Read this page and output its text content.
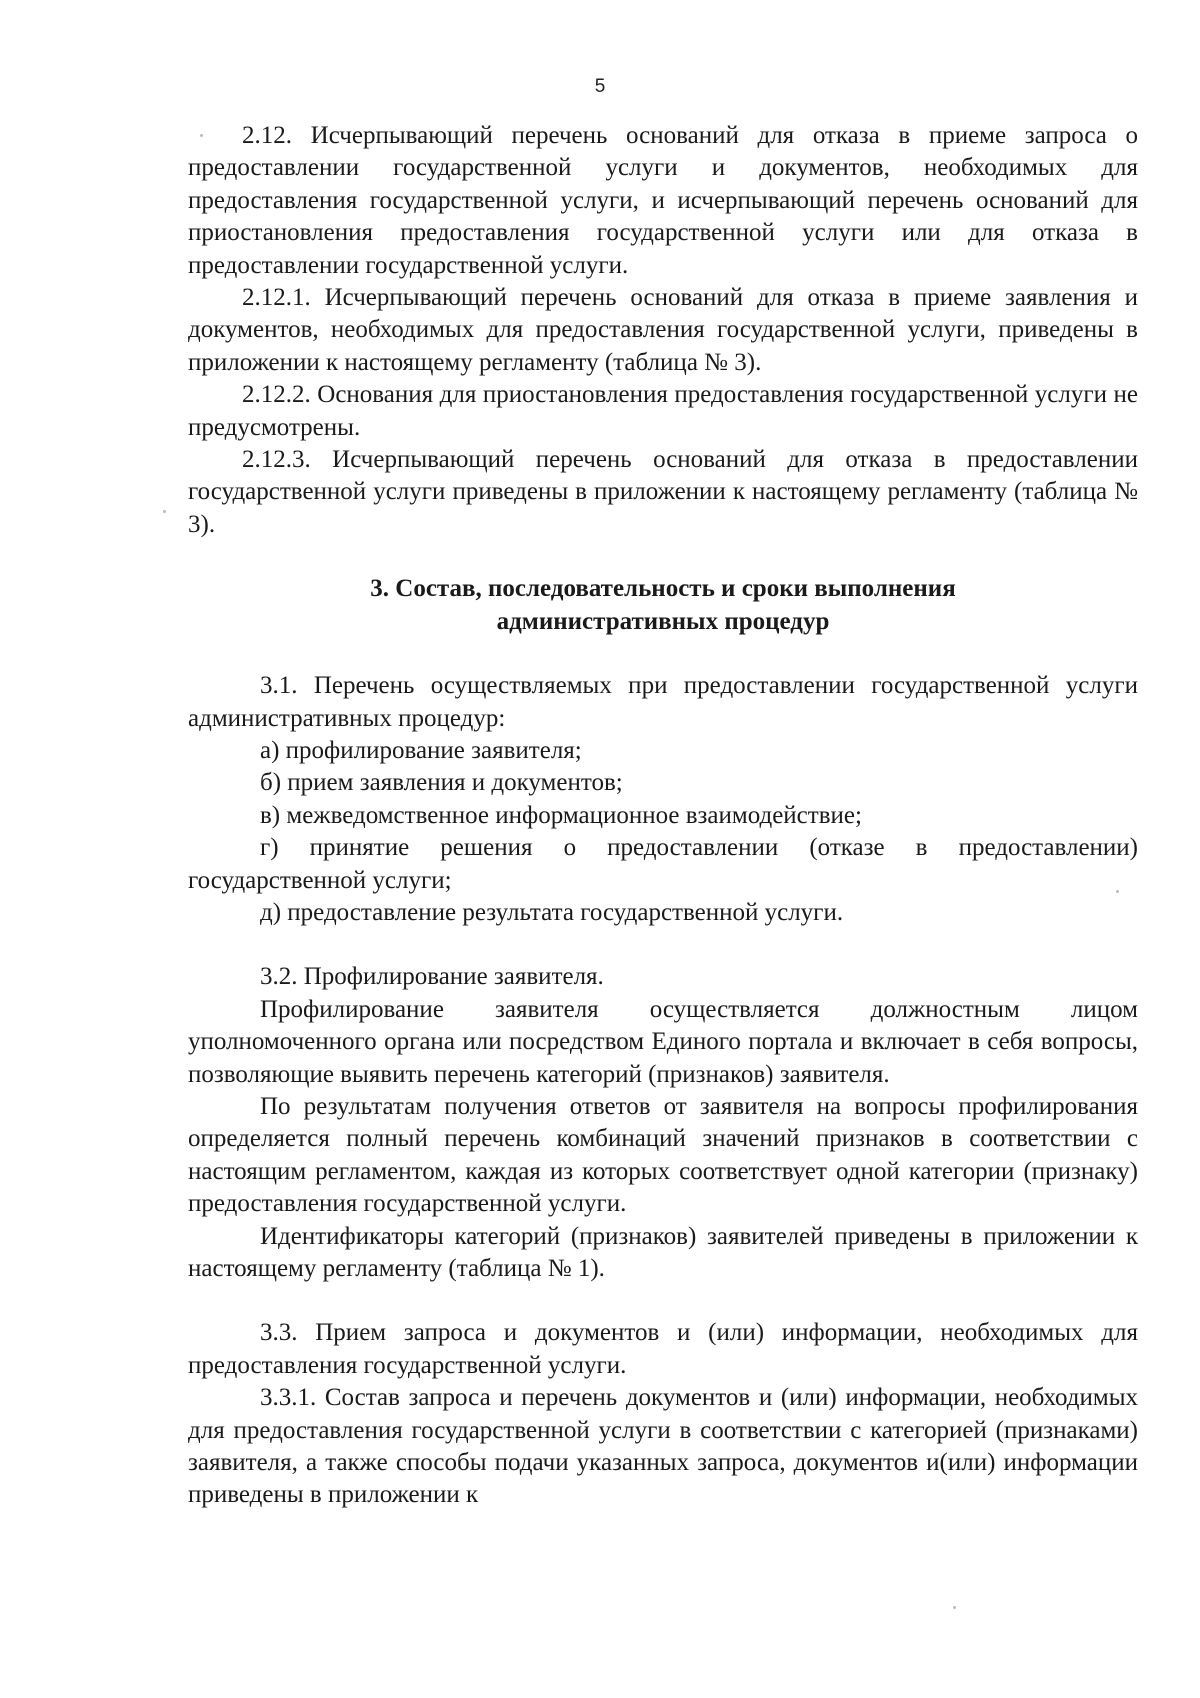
5

2.12. Исчерпывающий перечень оснований для отказа в приеме запроса о предоставлении государственной услуги и документов, необходимых для предоставления государственной услуги, и исчерпывающий перечень оснований для приостановления предоставления государственной услуги или для отказа в предоставлении государственной услуги.

2.12.1. Исчерпывающий перечень оснований для отказа в приеме заявления и документов, необходимых для предоставления государственной услуги, приведены в приложении к настоящему регламенту (таблица № 3).

2.12.2. Основания для приостановления предоставления государственной услуги не предусмотрены.

2.12.3. Исчерпывающий перечень оснований для отказа в предоставлении государственной услуги приведены в приложении к настоящему регламенту (таблица № 3).

3. Состав, последовательность и сроки выполнения

административных процедур

3.1. Перечень осуществляемых при предоставлении государственной услуги административных процедур:

а) профилирование заявителя;

б) прием заявления и документов;

в) межведомственное информационное взаимодействие;

г) принятие решения о предоставлении (отказе в предоставлении) государственной услуги;

д) предоставление результата государственной услуги.

3.2. Профилирование заявителя.

Профилирование заявителя осуществляется должностным лицом уполномоченного органа или посредством Единого портала и включает в себя вопросы, позволяющие выявить перечень категорий (признаков) заявителя.

По результатам получения ответов от заявителя на вопросы профилирования определяется полный перечень комбинаций значений признаков в соответствии с настоящим регламентом, каждая из которых соответствует одной категории (признаку) предоставления государственной услуги.

Идентификаторы категорий (признаков) заявителей приведены в приложении к настоящему регламенту (таблица № 1).

3.3. Прием запроса и документов и (или) информации, необходимых для предоставления государственной услуги.

3.3.1. Состав запроса и перечень документов и (или) информации, необходимых для предоставления государственной услуги в соответствии с категорией (признаками) заявителя, а также способы подачи указанных запроса, документов и(или) информации приведены в приложении к
